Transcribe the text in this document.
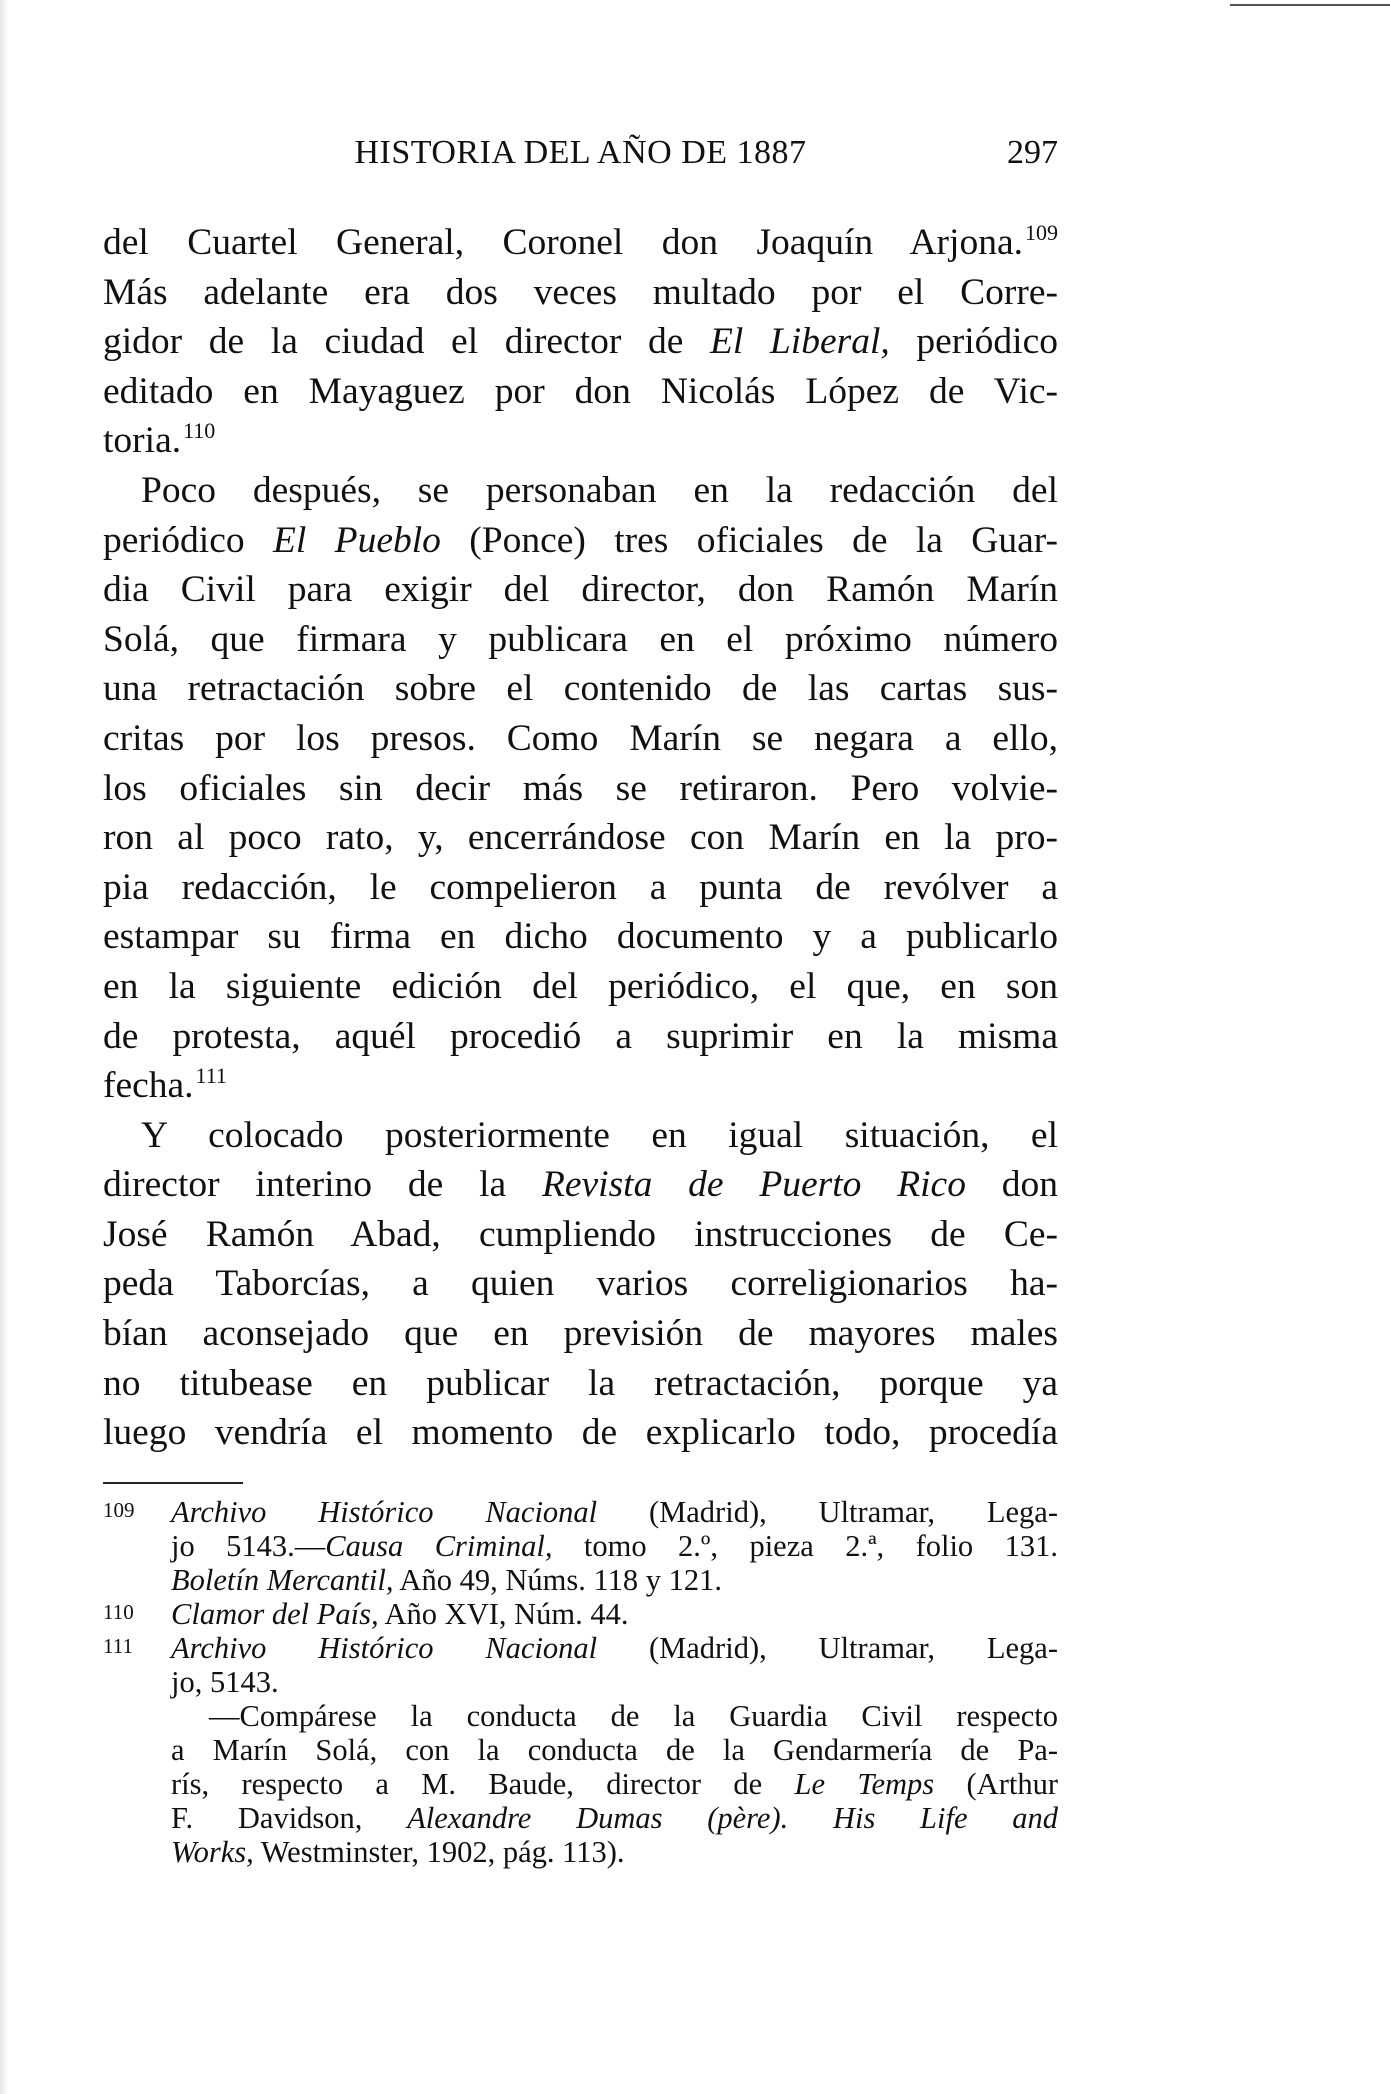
HISTORIA DEL AÑO DE 1887	297
del Cuartel General, Coronel don Joaquín Arjona.$^{109}$
Más adelante era dos veces multado por el Corre-
gidor de la ciudad el director de El Liberal, periódico
editado en Mayaguez por don Nicolás López de Vic-
toria.$^{110}$
Poco después, se personaban en la redacción del
periódico El Pueblo (Ponce) tres oficiales de la Guar-
dia Civil para exigir del director, don Ramón Marín
Solá, que firmara y publicara en el próximo número
una retractación sobre el contenido de las cartas sus-
critas por los presos. Como Marín se negara a ello,
los oficiales sin decir más se retiraron. Pero volvie-
ron al poco rato, y, encerrándose con Marín en la pro-
pia redacción, le compelieron a punta de revólver a
estampar su firma en dicho documento y a publicarlo
en la siguiente edición del periódico, el que, en son
de protesta, aquél procedió a suprimir en la misma
fecha.$^{111}$
Y colocado posteriormente en igual situación, el
director interino de la Revista de Puerto Rico don
José Ramón Abad, cumpliendo instrucciones de Ce-
peda Taborcías, a quien varios correligionarios ha-
bían aconsejado que en previsión de mayores males
no titubease en publicar la retractación, porque ya
luego vendría el momento de explicarlo todo, procedía
109 Archivo Histórico Nacional (Madrid), Ultramar, Lega-
jo 5143.—Causa Criminal, tomo 2.º, pieza 2.ª, folio 131.
Boletín Mercantil, Año 49, Núms. 118 y 121.
110 Clamor del País, Año XVI, Núm. 44.
111 Archivo Histórico Nacional (Madrid), Ultramar, Lega-
jo, 5143.
—Compárese la conducta de la Guardia Civil respecto
a Marín Solá, con la conducta de la Gendarmería de Pa-
rís, respecto a M. Baude, director de Le Temps (Arthur
F. Davidson, Alexandre Dumas (père). His Life and
Works, Westminster, 1902, pág. 113).
